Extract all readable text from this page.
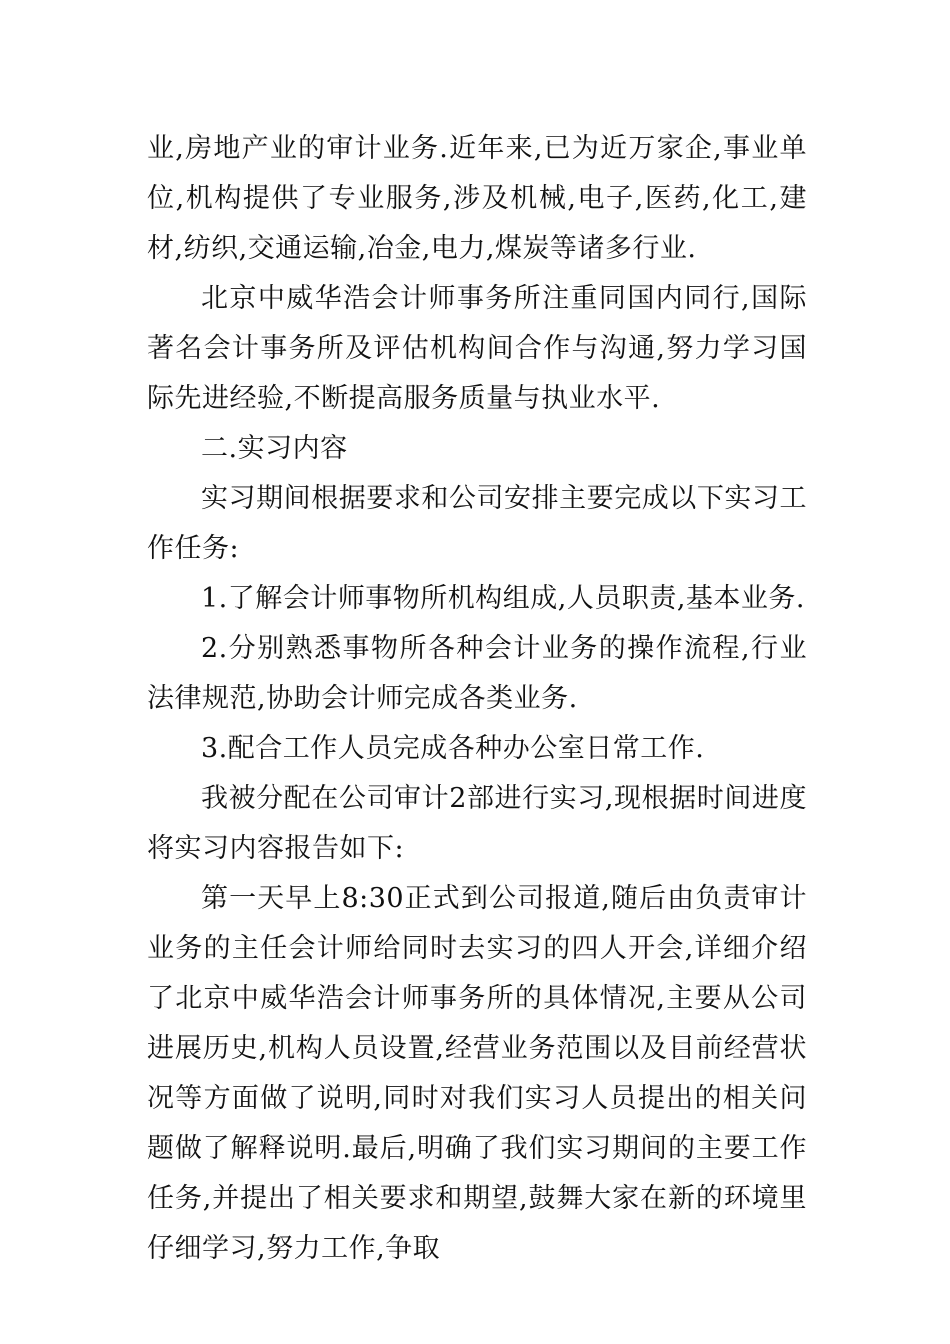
业,房地产业的审计业务.近年来,已为近万家企,事业单位,机构提供了专业服务,涉及机械,电子,医药,化工,建材,纺织,交通运输,冶金,电力,煤炭等诸多行业.

北京中威华浩会计师事务所注重同国内同行,国际著名会计事务所及评估机构间合作与沟通,努力学习国际先进经验,不断提高服务质量与执业水平.

二.实习内容

实习期间根据要求和公司安排主要完成以下实习工作任务:

1.了解会计师事物所机构组成,人员职责,基本业务.

2.分别熟悉事物所各种会计业务的操作流程,行业法律规范,协助会计师完成各类业务.

3.配合工作人员完成各种办公室日常工作.

我被分配在公司审计2部进行实习,现根据时间进度将实习内容报告如下:

第一天早上8:30正式到公司报道,随后由负责审计业务的主任会计师给同时去实习的四人开会,详细介绍了北京中威华浩会计师事务所的具体情况,主要从公司进展历史,机构人员设置,经营业务范围以及目前经营状况等方面做了说明,同时对我们实习人员提出的相关问题做了解释说明.最后,明确了我们实习期间的主要工作任务,并提出了相关要求和期望,鼓舞大家在新的环境里仔细学习,努力工作,争取
